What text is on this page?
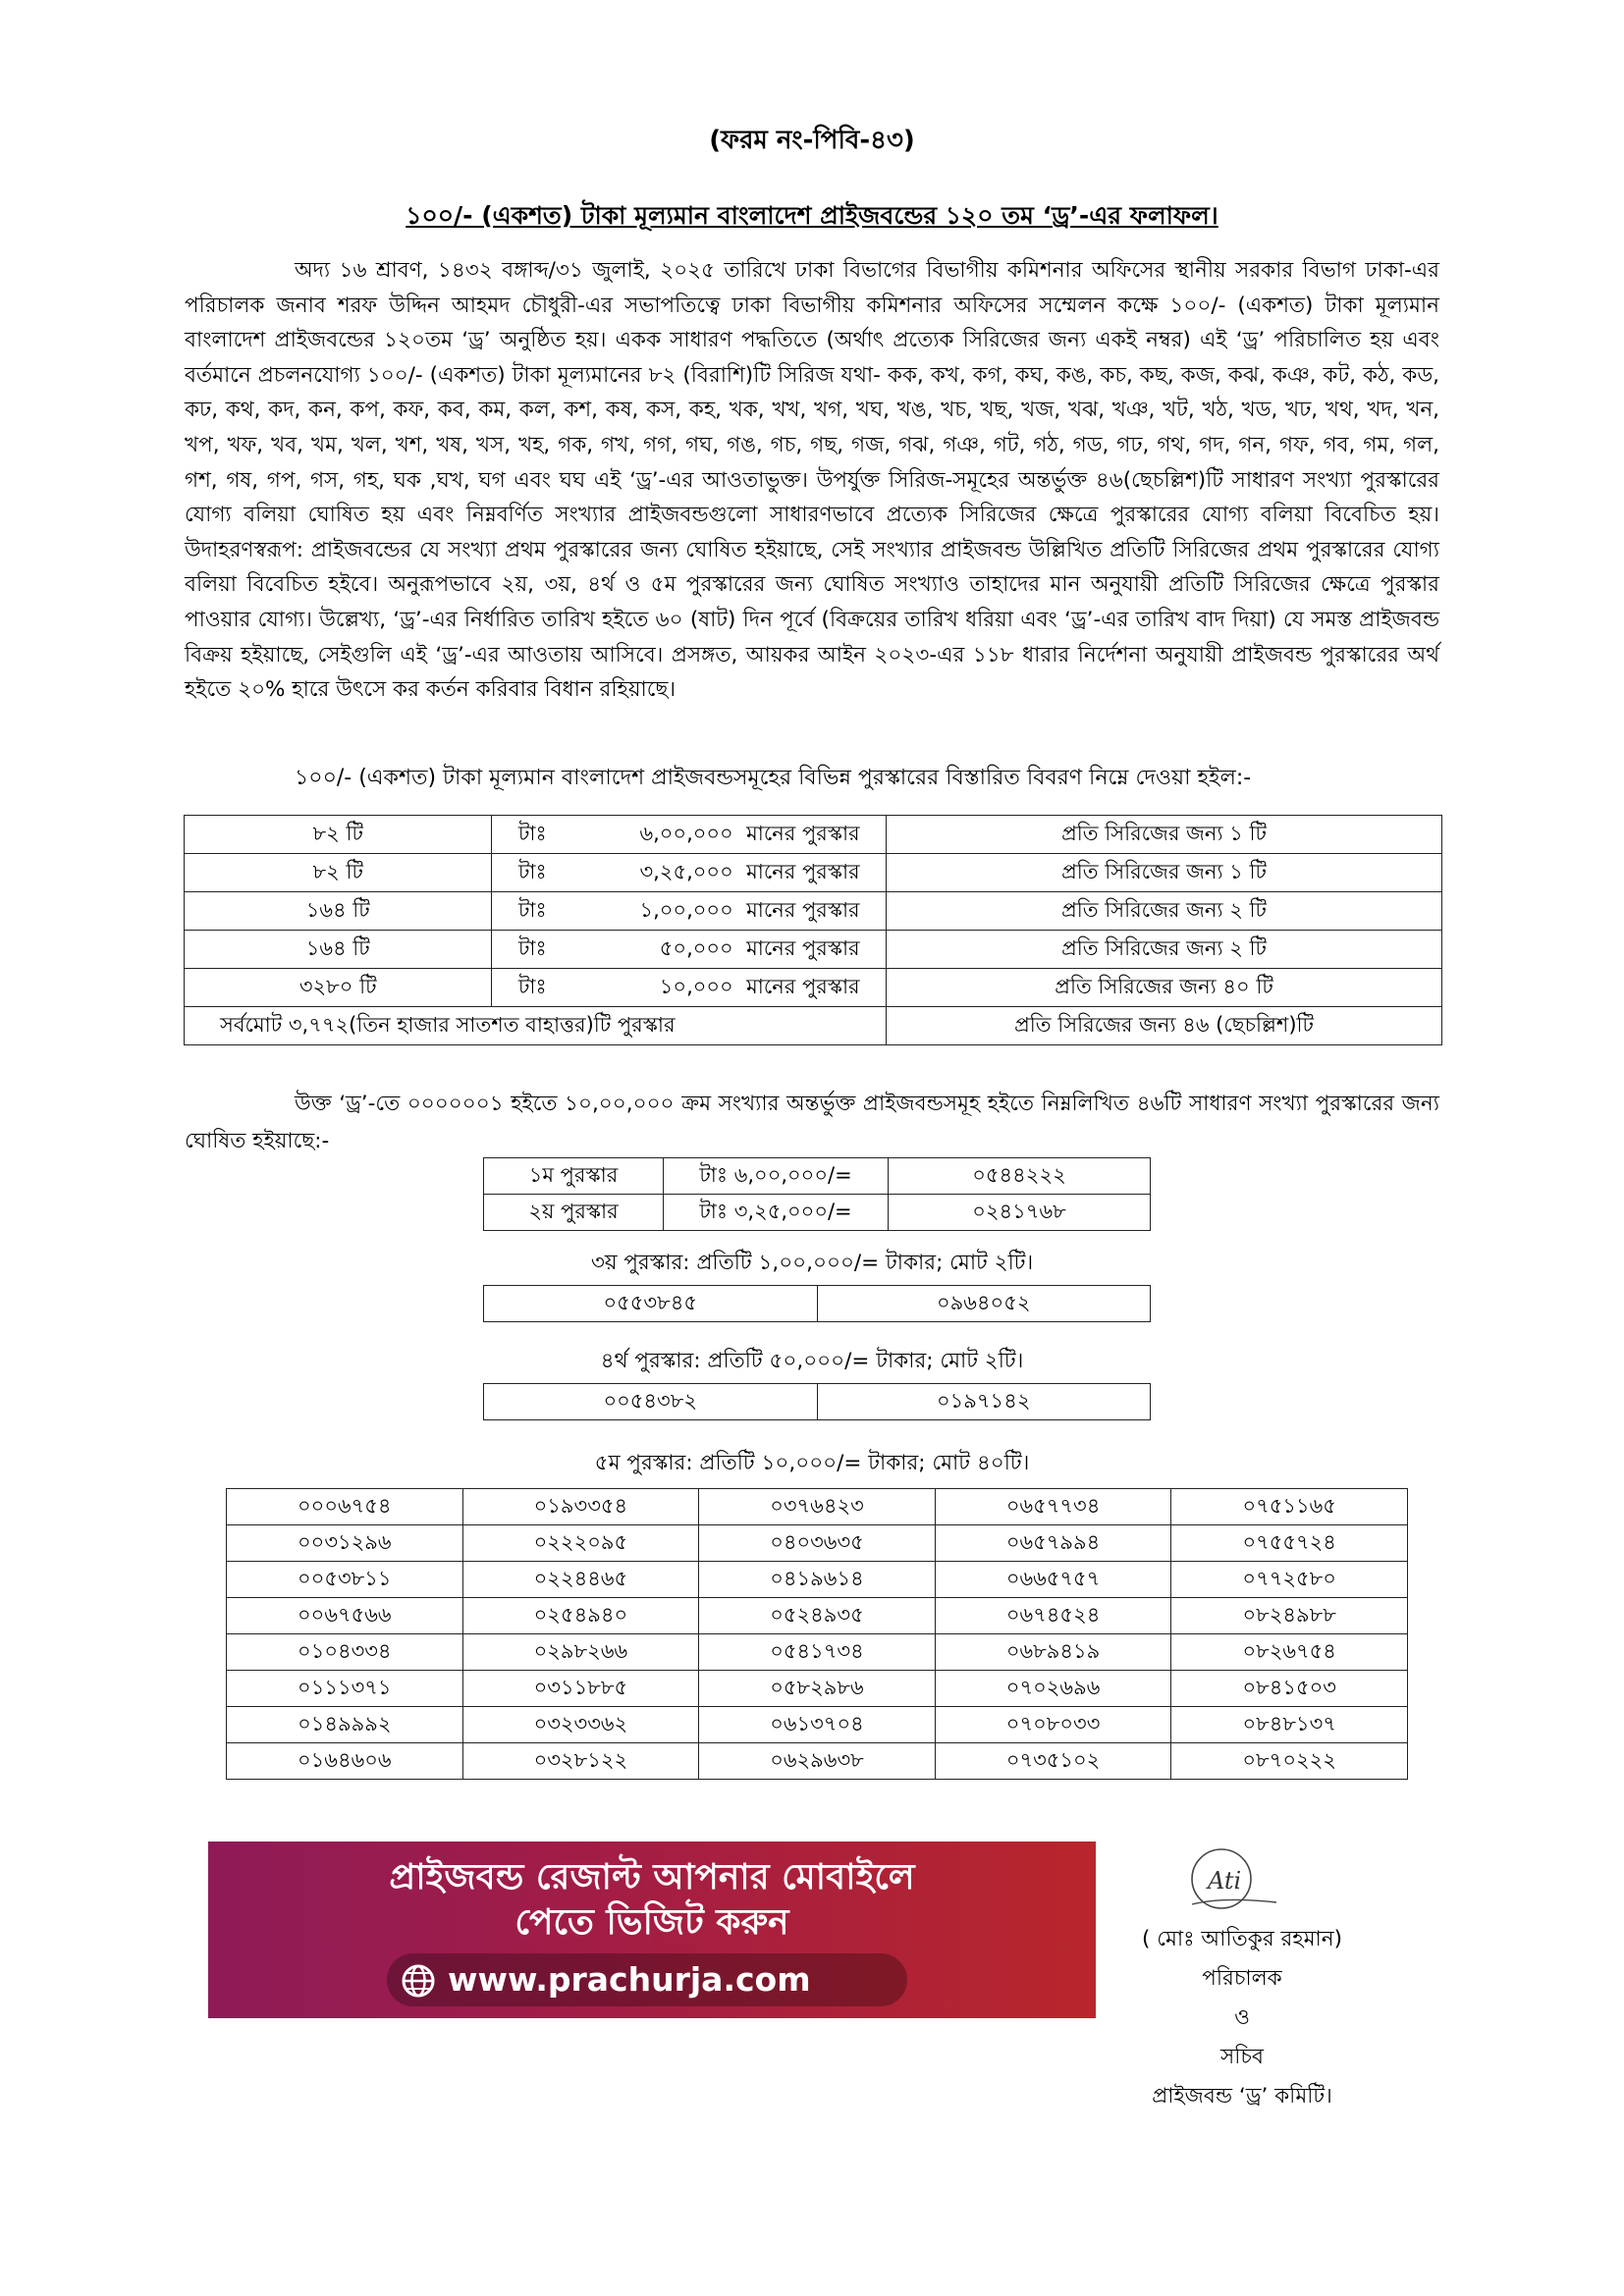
(ফরম নং-পিবি-৪৩)
১০০/- (একশত) টাকা মূল্যমান বাংলাদেশ প্রাইজবন্ডের ১২০ তম ‘ড্র’-এর ফলাফল।
অদ্য ১৬ শ্রাবণ, ১৪৩২ বঙ্গাব্দ/৩১ জুলাই, ২০২৫ তারিখে ঢাকা বিভাগের বিভাগীয় কমিশনার অফিসের স্থানীয় সরকার বিভাগ ঢাকা-এর পরিচালক জনাব শরফ উদ্দিন আহমদ চৌধুরী-এর সভাপতিত্বে ঢাকা বিভাগীয় কমিশনার অফিসের সম্মেলন কক্ষে ১০০/- (একশত) টাকা মূল্যমান বাংলাদেশ প্রাইজবন্ডের ১২০তম ‘ড্র’ অনুষ্ঠিত হয়। একক সাধারণ পদ্ধতিতে (অর্থাৎ প্রত্যেক সিরিজের জন্য একই নম্বর) এই ‘ড্র’ পরিচালিত হয় এবং বর্তমানে প্রচলনযোগ্য ১০০/- (একশত) টাকা মূল্যমানের ৮২ (বিরাশি)টি সিরিজ যথা- কক, কখ, কগ, কঘ, কঙ, কচ, কছ, কজ, কঝ, কঞ, কট, কঠ, কড, কঢ, কথ, কদ, কন, কপ, কফ, কব, কম, কল, কশ, কষ, কস, কহ, খক, খখ, খগ, খঘ, খঙ, খচ, খছ, খজ, খঝ, খঞ, খট, খঠ, খড, খঢ, খথ, খদ, খন, খপ, খফ, খব, খম, খল, খশ, খষ, খস, খহ, গক, গখ, গগ, গঘ, গঙ, গচ, গছ, গজ, গঝ, গঞ, গট, গঠ, গড, গঢ, গথ, গদ, গন, গফ, গব, গম, গল, গশ, গষ, গপ, গস, গহ, ঘক ,ঘখ, ঘগ এবং ঘঘ এই ‘ড্র’-এর আওতাভুক্ত। উপর্যুক্ত সিরিজ-সমূহের অন্তর্ভুক্ত ৪৬(ছেচল্লিশ)টি সাধারণ সংখ্যা পুরস্কারের যোগ্য বলিয়া ঘোষিত হয় এবং নিম্নবর্ণিত সংখ্যার প্রাইজবন্ডগুলো সাধারণভাবে প্রত্যেক সিরিজের ক্ষেত্রে পুরস্কারের যোগ্য বলিয়া বিবেচিত হয়। উদাহরণস্বরূপ: প্রাইজবন্ডের যে সংখ্যা প্রথম পুরস্কারের জন্য ঘোষিত হইয়াছে, সেই সংখ্যার প্রাইজবন্ড উল্লিখিত প্রতিটি সিরিজের প্রথম পুরস্কারের যোগ্য বলিয়া বিবেচিত হইবে। অনুরূপভাবে ২য়, ৩য়, ৪র্থ ও ৫ম পুরস্কারের জন্য ঘোষিত সংখ্যাও তাহাদের মান অনুযায়ী প্রতিটি সিরিজের ক্ষেত্রে পুরস্কার পাওয়ার যোগ্য। উল্লেখ্য, ‘ড্র’-এর নির্ধারিত তারিখ হইতে ৬০ (ষাট) দিন পূর্বে (বিক্রয়ের তারিখ ধরিয়া এবং ‘ড্র’-এর তারিখ বাদ দিয়া) যে সমস্ত প্রাইজবন্ড বিক্রয় হইয়াছে, সেইগুলি এই ‘ড্র’-এর আওতায় আসিবে। প্রসঙ্গত, আয়কর আইন ২০২৩-এর ১১৮ ধারার নির্দেশনা অনুযায়ী প্রাইজবন্ড পুরস্কারের অর্থ হইতে ২০% হারে উৎসে কর কর্তন করিবার বিধান রহিয়াছে।
১০০/- (একশত) টাকা মূল্যমান বাংলাদেশ প্রাইজবন্ডসমূহের বিভিন্ন পুরস্কারের বিস্তারিত বিবরণ নিম্নে দেওয়া হইল:-
৮২ টি	টাঃ ৬,০০,০০০ মানের পুরস্কার	প্রতি সিরিজের জন্য ১ টি
৮২ টি	টাঃ ৩,২৫,০০০ মানের পুরস্কার	প্রতি সিরিজের জন্য ১ টি
১৬৪ টি	টাঃ ১,০০,০০০ মানের পুরস্কার	প্রতি সিরিজের জন্য ২ টি
১৬৪ টি	টাঃ ৫০,০০০ মানের পুরস্কার	প্রতি সিরিজের জন্য ২ টি
৩২৮০ টি	টাঃ ১০,০০০ মানের পুরস্কার	প্রতি সিরিজের জন্য ৪০ টি
সর্বমোট ৩,৭৭২(তিন হাজার সাতশত বাহাত্তর)টি পুরস্কার		প্রতি সিরিজের জন্য ৪৬ (ছেচল্লিশ)টি
উক্ত ‘ড্র’-তে ০০০০০০১ হইতে ১০,০০,০০০ ক্রম সংখ্যার অন্তর্ভুক্ত প্রাইজবন্ডসমূহ হইতে নিম্নলিখিত ৪৬টি সাধারণ সংখ্যা পুরস্কারের জন্য ঘোষিত হইয়াছে:-
১ম পুরস্কার	টাঃ ৬,০০,০০০/=	০৫৪৪২২২
২য় পুরস্কার	টাঃ ৩,২৫,০০০/=	০২৪১৭৬৮
৩য় পুরস্কার: প্রতিটি ১,০০,০০০/= টাকার; মোট ২টি।
০৫৫৩৮৪৫	০৯৬৪০৫২
৪র্থ পুরস্কার: প্রতিটি ৫০,০০০/= টাকার; মোট ২টি।
০০৫৪৩৮২	০১৯৭১৪২
৫ম পুরস্কার: প্রতিটি ১০,০০০/= টাকার; মোট ৪০টি।
০০০৬৭৫৪	০১৯৩৩৫৪	০৩৭৬৪২৩	০৬৫৭৭৩৪	০৭৫১১৬৫
০০৩১২৯৬	০২২২০৯৫	০৪০৩৬৩৫	০৬৫৭৯৯৪	০৭৫৫৭২৪
০০৫৩৮১১	০২২৪৪৬৫	০৪১৯৬১৪	০৬৬৫৭৫৭	০৭৭২৫৮০
০০৬৭৫৬৬	০২৫৪৯৪০	০৫২৪৯৩৫	০৬৭৪৫২৪	০৮২৪৯৮৮
০১০৪৩৩৪	০২৯৮২৬৬	০৫৪১৭৩৪	০৬৮৯৪১৯	০৮২৬৭৫৪
০১১১৩৭১	০৩১১৮৮৫	০৫৮২৯৮৬	০৭০২৬৯৬	০৮৪১৫০৩
০১৪৯৯৯২	০৩২৩৩৬২	০৬১৩৭০৪	০৭০৮০৩৩	০৮৪৮১৩৭
০১৬৪৬০৬	০৩২৮১২২	০৬২৯৬৩৮	০৭৩৫১০২	০৮৭০২২২
প্রাইজবন্ড রেজাল্ট আপনার মোবাইলে
পেতে ভিজিট করুন
www.prachurja.com
Ati
( মোঃ আতিকুর রহমান)
পরিচালক
ও
সচিব
প্রাইজবন্ড ‘ড্র’ কমিটি।
